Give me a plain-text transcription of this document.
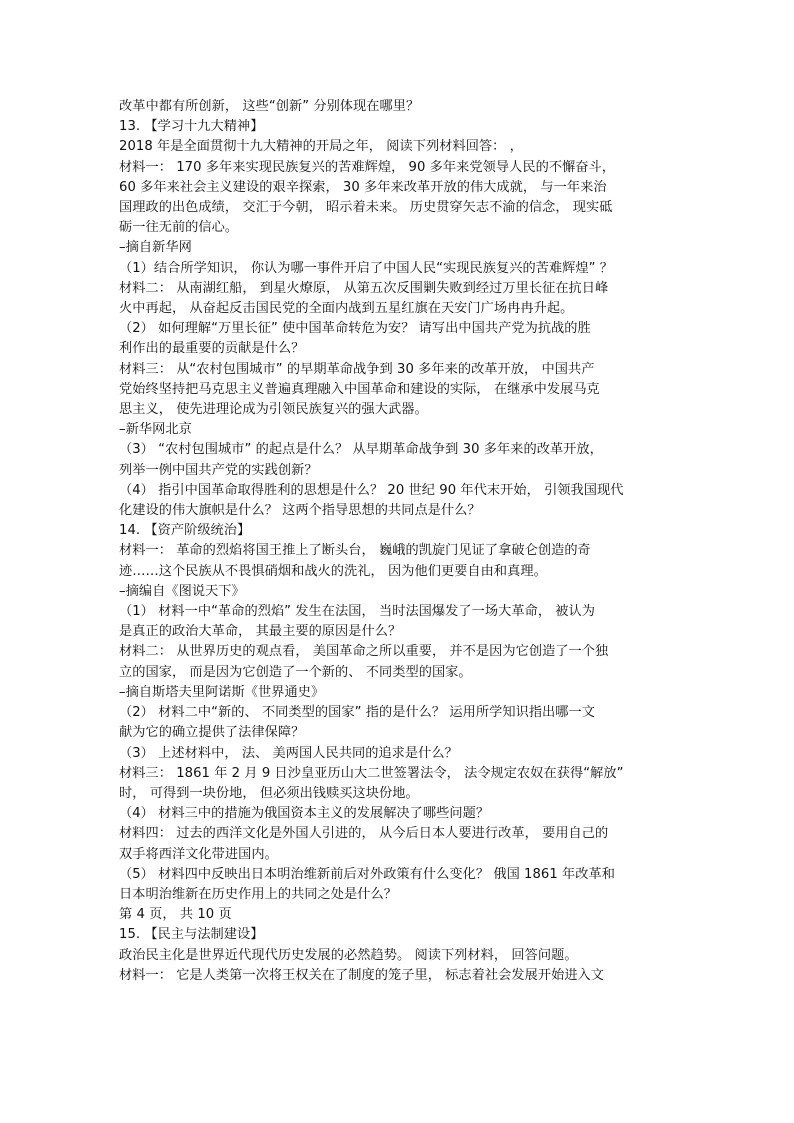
改革中都有所创新， 这些“创新” 分别体现在哪里？
13. 【学习十九大精神】
2018 年是全面贯彻十九大精神的开局之年， 阅读下列材料回答： ，
材料一： 170 多年来实现民族复兴的苦难辉煌， 90 多年来党领导人民的不懈奋斗，
60 多年来社会主义建设的艰辛探索， 30 多年来改革开放的伟大成就， 与一年来治
国理政的出色成绩， 交汇于今朝， 昭示着未来。 历史贯穿矢志不渝的信念， 现实砥
砺一往无前的信心。
–摘自新华网
（1）结合所学知识， 你认为哪一事件开启了中国人民“实现民族复兴的苦难辉煌” ？
材料二： 从南湖红船， 到星火燎原， 从第五次反围剿失败到经过万里长征在抗日峰
火中再起， 从奋起反击国民党的全面内战到五星红旗在天安门广场冉冉升起。
（2） 如何理解“万里长征” 使中国革命转危为安？ 请写出中国共产党为抗战的胜
利作出的最重要的贡献是什么？
材料三： 从“农村包围城市” 的早期革命战争到 30 多年来的改革开放， 中国共产
党始终坚持把马克思主义普遍真理融入中国革命和建设的实际， 在继承中发展马克
思主义， 使先进理论成为引领民族复兴的强大武器。
–新华网北京
（3） “农村包围城市” 的起点是什么？ 从早期革命战争到 30 多年来的改革开放，
列举一例中国共产党的实践创新？
（4） 指引中国革命取得胜利的思想是什么？ 20 世纪 90 年代末开始， 引领我国现代
化建设的伟大旗帜是什么？ 这两个指导思想的共同点是什么？
14. 【资产阶级统治】
材料一： 革命的烈焰将国王推上了断头台， 巍峨的凯旋门见证了拿破仑创造的奇
迹……这个民族从不畏惧硝烟和战火的洗礼， 因为他们更要自由和真理。
–摘编自《图说天下》
（1） 材料一中“革命的烈焰” 发生在法国， 当时法国爆发了一场大革命， 被认为
是真正的政治大革命， 其最主要的原因是什么？
材料二： 从世界历史的观点看， 美国革命之所以重要， 并不是因为它创造了一个独
立的国家， 而是因为它创造了一个新的、 不同类型的国家。
–摘自斯塔夫里阿诺斯《世界通史》
（2） 材料二中“新的、 不同类型的国家” 指的是什么？ 运用所学知识指出哪一文
献为它的确立提供了法律保障？
（3） 上述材料中， 法、 美两国人民共同的追求是什么？
材料三： 1861 年 2 月 9 日沙皇亚历山大二世签署法令， 法令规定农奴在获得“解放”
时， 可得到一块份地， 但必须出钱赎买这块份地。
（4） 材料三中的措施为俄国资本主义的发展解决了哪些问题？
材料四： 过去的西洋文化是外国人引进的， 从今后日本人要进行改革， 要用自己的
双手将西洋文化带进国内。
（5） 材料四中反映出日本明治维新前后对外政策有什么变化？ 俄国 1861 年改革和
日本明治维新在历史作用上的共同之处是什么？
第 4 页， 共 10 页
15. 【民主与法制建设】
政治民主化是世界近代现代历史发展的必然趋势。 阅读下列材料， 回答问题。
材料一： 它是人类第一次将王权关在了制度的笼子里， 标志着社会发展开始进入文
